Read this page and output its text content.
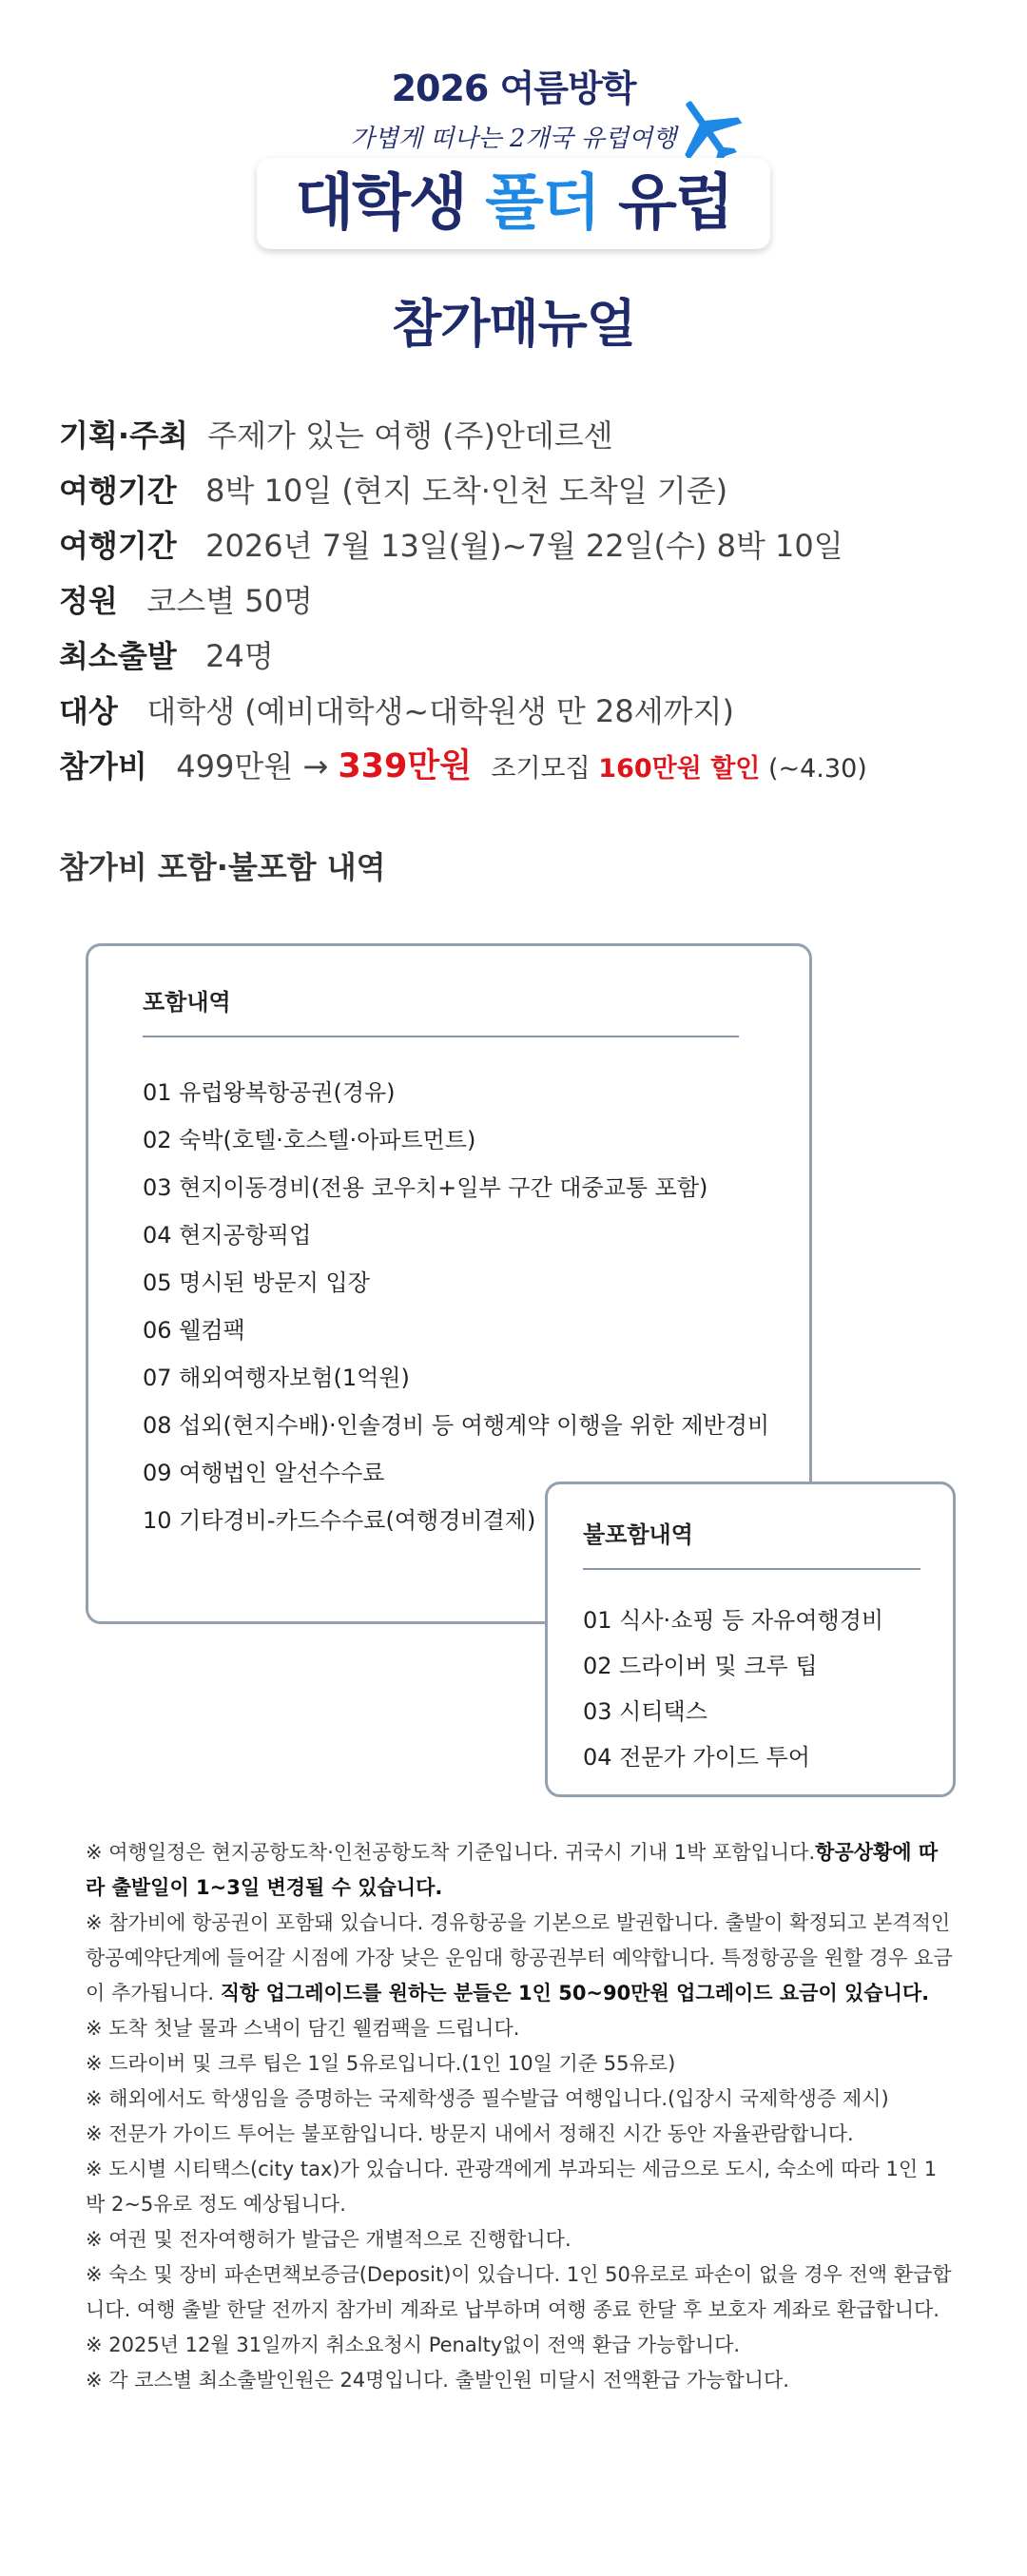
2026 여름방학
가볍게 떠나는 2개국 유럽여행
대학생 폴더 유럽
참가매뉴얼
기획·주최 주제가 있는 여행 (주)안데르센
여행기간 8박 10일 (현지 도착·인천 도착일 기준)
여행기간 2026년 7월 13일(월)~7월 22일(수) 8박 10일
정원 코스별 50명
최소출발 24명
대상 대학생 (예비대학생~대학원생 만 28세까지)
참가비 499만원 → 339만원 조기모집 160만원 할인 (~4.30)
참가비 포함·불포함 내역
포함내역
01 유럽왕복항공권(경유)
02 숙박(호텔·호스텔·아파트먼트)
03 현지이동경비(전용 코우치+일부 구간 대중교통 포함)
04 현지공항픽업
05 명시된 방문지 입장
06 웰컴팩
07 해외여행자보험(1억원)
08 섭외(현지수배)·인솔경비 등 여행계약 이행을 위한 제반경비
09 여행법인 알선수수료
10 기타경비-카드수수료(여행경비결제)
불포함내역
01 식사·쇼핑 등 자유여행경비
02 드라이버 및 크루 팁
03 시티택스
04 전문가 가이드 투어

※ 여행일정은 현지공항도착·인천공항도착 기준입니다. 귀국시 기내 1박 포함입니다.항공상황에 따라 출발일이 1~3일 변경될 수 있습니다.

※ 참가비에 항공권이 포함돼 있습니다. 경유항공을 기본으로 발권합니다. 출발이 확정되고 본격적인 항공예약단계에 들어갈 시점에 가장 낮은 운임대 항공권부터 예약합니다. 특정항공을 원할 경우 요금이 추가됩니다. 직항 업그레이드를 원하는 분들은 1인 50~90만원 업그레이드 요금이 있습니다.

※ 도착 첫날 물과 스낵이 담긴 웰컴팩을 드립니다.

※ 드라이버 및 크루 팁은 1일 5유로입니다.(1인 10일 기준 55유로)

※ 해외에서도 학생임을 증명하는 국제학생증 필수발급 여행입니다.(입장시 국제학생증 제시)

※ 전문가 가이드 투어는 불포함입니다. 방문지 내에서 정해진 시간 동안 자율관람합니다.

※ 도시별 시티택스(city tax)가 있습니다. 관광객에게 부과되는 세금으로 도시, 숙소에 따라 1인 1박 2~5유로 정도 예상됩니다.

※ 여권 및 전자여행허가 발급은 개별적으로 진행합니다.

※ 숙소 및 장비 파손면책보증금(Deposit)이 있습니다. 1인 50유로로 파손이 없을 경우 전액 환급합니다. 여행 출발 한달 전까지 참가비 계좌로 납부하며 여행 종료 한달 후 보호자 계좌로 환급합니다.

※ 2025년 12월 31일까지 취소요청시 Penalty없이 전액 환급 가능합니다.

※ 각 코스별 최소출발인원은 24명입니다. 출발인원 미달시 전액환급 가능합니다.
